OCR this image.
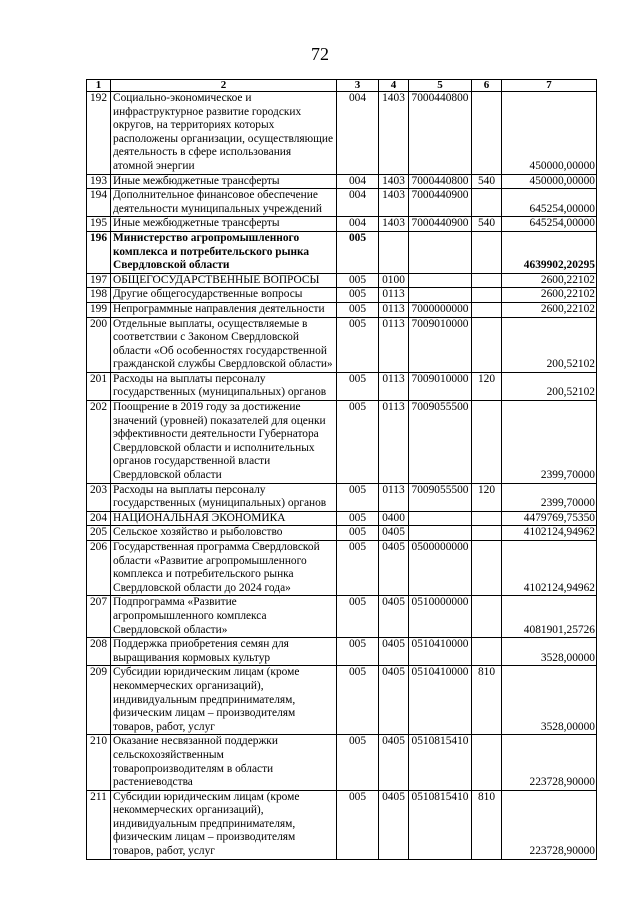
72
1	2	3	4	5	6	7
192	Социально-экономическое и инфраструктурное развитие городских округов, на территориях которых расположены организации, осуществляющие деятельность в сфере использования атомной энергии	004	1403	7000440800		450000,00000
193	Иные межбюджетные трансферты	004	1403	7000440800	540	450000,00000
194	Дополнительное финансовое обеспечение деятельности муниципальных учреждений	004	1403	7000440900		645254,00000
195	Иные межбюджетные трансферты	004	1403	7000440900	540	645254,00000
196	Министерство агропромышленного комплекса и потребительского рынка Свердловской области	005				4639902,20295
197	ОБЩЕГОСУДАРСТВЕННЫЕ ВОПРОСЫ	005	0100			2600,22102
198	Другие общегосударственные вопросы	005	0113			2600,22102
199	Непрограммные направления деятельности	005	0113	7000000000		2600,22102
200	Отдельные выплаты, осуществляемые в соответствии с Законом Свердловской области «Об особенностях государственной гражданской службы Свердловской области»	005	0113	7009010000		200,52102
201	Расходы на выплаты персоналу государственных (муниципальных) органов	005	0113	7009010000	120	200,52102
202	Поощрение в 2019 году за достижение значений (уровней) показателей для оценки эффективности деятельности Губернатора Свердловской области и исполнительных органов государственной власти Свердловской области	005	0113	7009055500		2399,70000
203	Расходы на выплаты персоналу государственных (муниципальных) органов	005	0113	7009055500	120	2399,70000
204	НАЦИОНАЛЬНАЯ ЭКОНОМИКА	005	0400			4479769,75350
205	Сельское хозяйство и рыболовство	005	0405			4102124,94962
206	Государственная программа Свердловской области «Развитие агропромышленного комплекса и потребительского рынка Свердловской области до 2024 года»	005	0405	0500000000		4102124,94962
207	Подпрограмма «Развитие агропромышленного комплекса Свердловской области»	005	0405	0510000000		4081901,25726
208	Поддержка приобретения семян для выращивания кормовых культур	005	0405	0510410000		3528,00000
209	Субсидии юридическим лицам (кроме некоммерческих организаций), индивидуальным предпринимателям, физическим лицам – производителям товаров, работ, услуг	005	0405	0510410000	810	3528,00000
210	Оказание несвязанной поддержки сельскохозяйственным товаропроизводителям в области растениеводства	005	0405	0510815410		223728,90000
211	Субсидии юридическим лицам (кроме некоммерческих организаций), индивидуальным предпринимателям, физическим лицам – производителям товаров, работ, услуг	005	0405	0510815410	810	223728,90000
